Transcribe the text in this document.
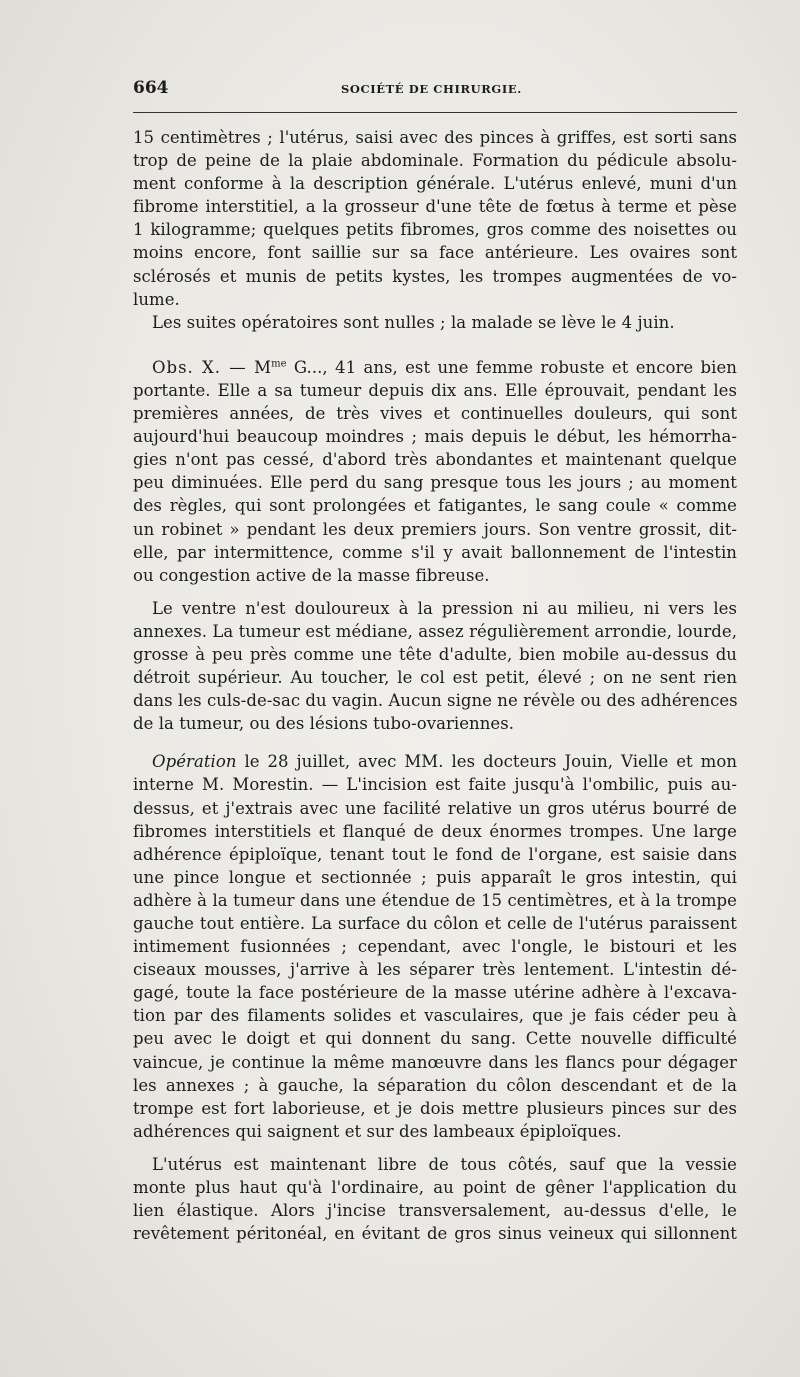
664	SOCIÉTÉ DE CHIRURGIE.
15 centimètres ; l'utérus, saisi avec des pinces à griffes, est sorti sans
trop de peine de la plaie abdominale. Formation du pédicule absolu-
ment conforme à la description générale. L'utérus enlevé, muni d'un
fibrome interstitiel, a la grosseur d'une tête de fœtus à terme et pèse
1 kilogramme; quelques petits fibromes, gros comme des noisettes ou
moins encore, font saillie sur sa face antérieure. Les ovaires sont
sclérosés et munis de petits kystes, les trompes augmentées de vo-
lume.
Les suites opératoires sont nulles ; la malade se lève le 4 juin.
Obs. X. — $M^{me}$ G..., 41 ans, est une femme robuste et encore bien
portante. Elle a sa tumeur depuis dix ans. Elle éprouvait, pendant les
premières années, de très vives et continuelles douleurs, qui sont
aujourd'hui beaucoup moindres ; mais depuis le début, les hémorrha-
gies n'ont pas cessé, d'abord très abondantes et maintenant quelque
peu diminuées. Elle perd du sang presque tous les jours ; au moment
des règles, qui sont prolongées et fatigantes, le sang coule « comme
un robinet » pendant les deux premiers jours. Son ventre grossit, dit-
elle, par intermittence, comme s'il y avait ballonnement de l'intestin
ou congestion active de la masse fibreuse.
Le ventre n'est douloureux à la pression ni au milieu, ni vers les
annexes. La tumeur est médiane, assez régulièrement arrondie, lourde,
grosse à peu près comme une tête d'adulte, bien mobile au-dessus du
détroit supérieur. Au toucher, le col est petit, élevé ; on ne sent rien
dans les culs-de-sac du vagin. Aucun signe ne révèle ou des adhérences
de la tumeur, ou des lésions tubo-ovariennes.
Opération le 28 juillet, avec MM. les docteurs Jouin, Vielle et mon
interne M. Morestin. — L'incision est faite jusqu'à l'ombilic, puis au-
dessus, et j'extrais avec une facilité relative un gros utérus bourré de
fibromes interstitiels et flanqué de deux énormes trompes. Une large
adhérence épiploïque, tenant tout le fond de l'organe, est saisie dans
une pince longue et sectionnée ; puis apparaît le gros intestin, qui
adhère à la tumeur dans une étendue de 15 centimètres, et à la trompe
gauche tout entière. La surface du côlon et celle de l'utérus paraissent
intimement fusionnées ; cependant, avec l'ongle, le bistouri et les
ciseaux mousses, j'arrive à les séparer très lentement. L'intestin dé-
gagé, toute la face postérieure de la masse utérine adhère à l'excava-
tion par des filaments solides et vasculaires, que je fais céder peu à
peu avec le doigt et qui donnent du sang. Cette nouvelle difficulté
vaincue, je continue la même manœuvre dans les flancs pour dégager
les annexes ; à gauche, la séparation du côlon descendant et de la
trompe est fort laborieuse, et je dois mettre plusieurs pinces sur des
adhérences qui saignent et sur des lambeaux épiploïques.
L'utérus est maintenant libre de tous côtés, sauf que la vessie
monte plus haut qu'à l'ordinaire, au point de gêner l'application du
lien élastique. Alors j'incise transversalement, au-dessus d'elle, le
revêtement péritonéal, en évitant de gros sinus veineux qui sillonnent
